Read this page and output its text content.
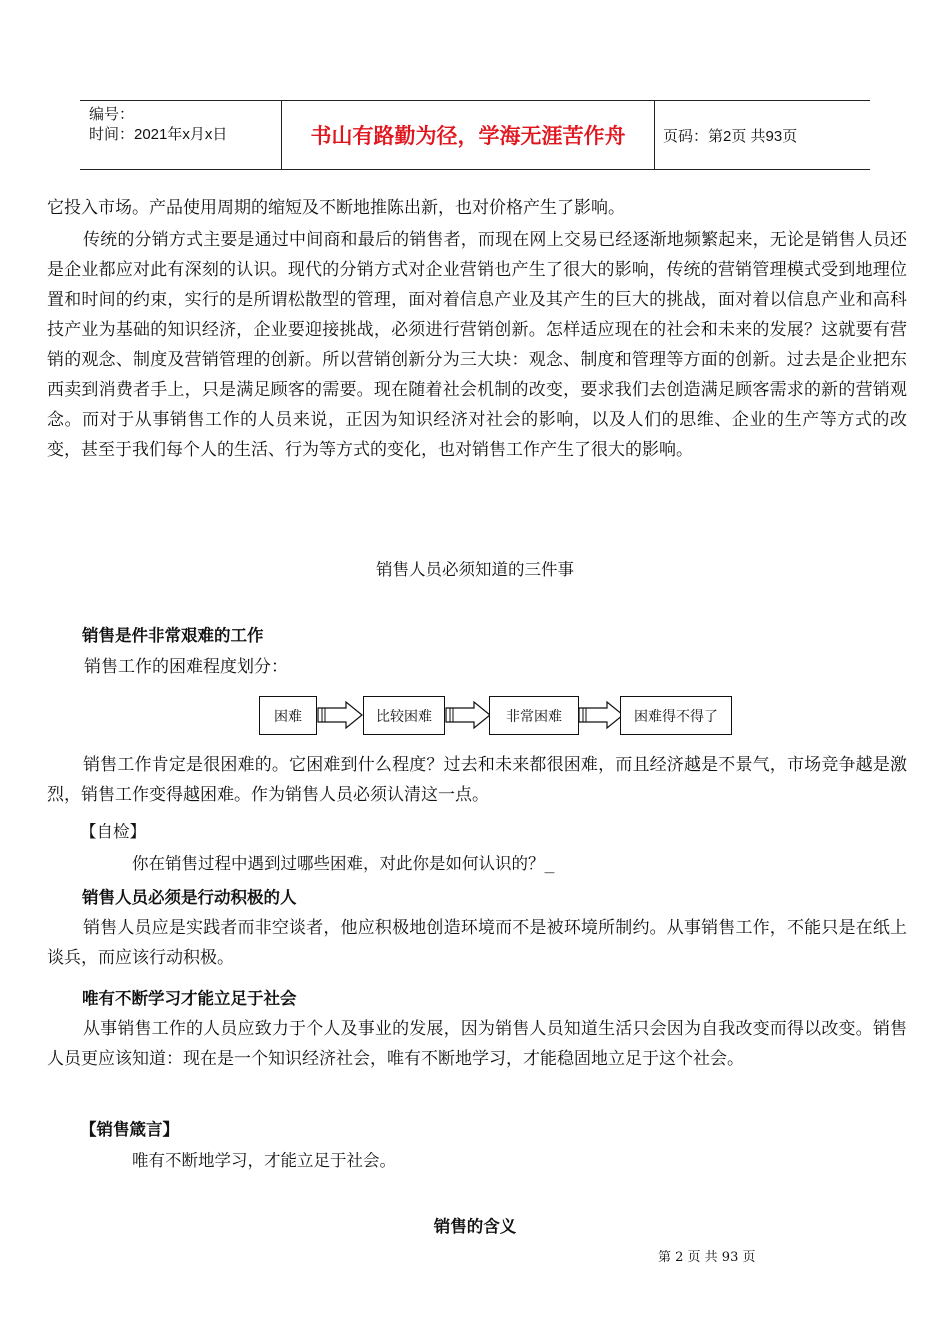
编号：
时间：2021年x月x日	书山有路勤为径，学海无涯苦作舟	页码：第2页 共93页

它投入市场。产品使用周期的缩短及不断地推陈出新，也对价格产生了影响。

传统的分销方式主要是通过中间商和最后的销售者，而现在网上交易已经逐渐地频繁起来，无论是销售人员还是企业都应对此有深刻的认识。现代的分销方式对企业营销也产生了很大的影响，传统的营销管理模式受到地理位置和时间的约束，实行的是所谓松散型的管理，面对着信息产业及其产生的巨大的挑战，面对着以信息产业和高科技产业为基础的知识经济，企业要迎接挑战，必须进行营销创新。怎样适应现在的社会和未来的发展？这就要有营销的观念、制度及营销管理的创新。所以营销创新分为三大块：观念、制度和管理等方面的创新。过去是企业把东西卖到消费者手上，只是满足顾客的需要。现在随着社会机制的改变，要求我们去创造满足顾客需求的新的营销观念。而对于从事销售工作的人员来说，正因为知识经济对社会的影响，以及人们的思维、企业的生产等方式的改变，甚至于我们每个人的生活、行为等方式的变化，也对销售工作产生了很大的影响。

销售人员必须知道的三件事
销售是件非常艰难的工作
销售工作的困难程度划分：
困难	比较困难	非常困难	困难得不得了

销售工作肯定是很困难的。它困难到什么程度？过去和未来都很困难，而且经济越是不景气，市场竞争越是激烈，销售工作变得越困难。作为销售人员必须认清这一点。

【自检】
你在销售过程中遇到过哪些困难，对此你是如何认识的？_
销售人员必须是行动积极的人

销售人员应是实践者而非空谈者，他应积极地创造环境而不是被环境所制约。从事销售工作，不能只是在纸上谈兵，而应该行动积极。

唯有不断学习才能立足于社会

从事销售工作的人员应致力于个人及事业的发展，因为销售人员知道生活只会因为自我改变而得以改变。销售人员更应该知道：现在是一个知识经济社会，唯有不断地学习，才能稳固地立足于这个社会。

【销售箴言】
唯有不断地学习，才能立足于社会。
销售的含义
第 2 页 共 93 页
